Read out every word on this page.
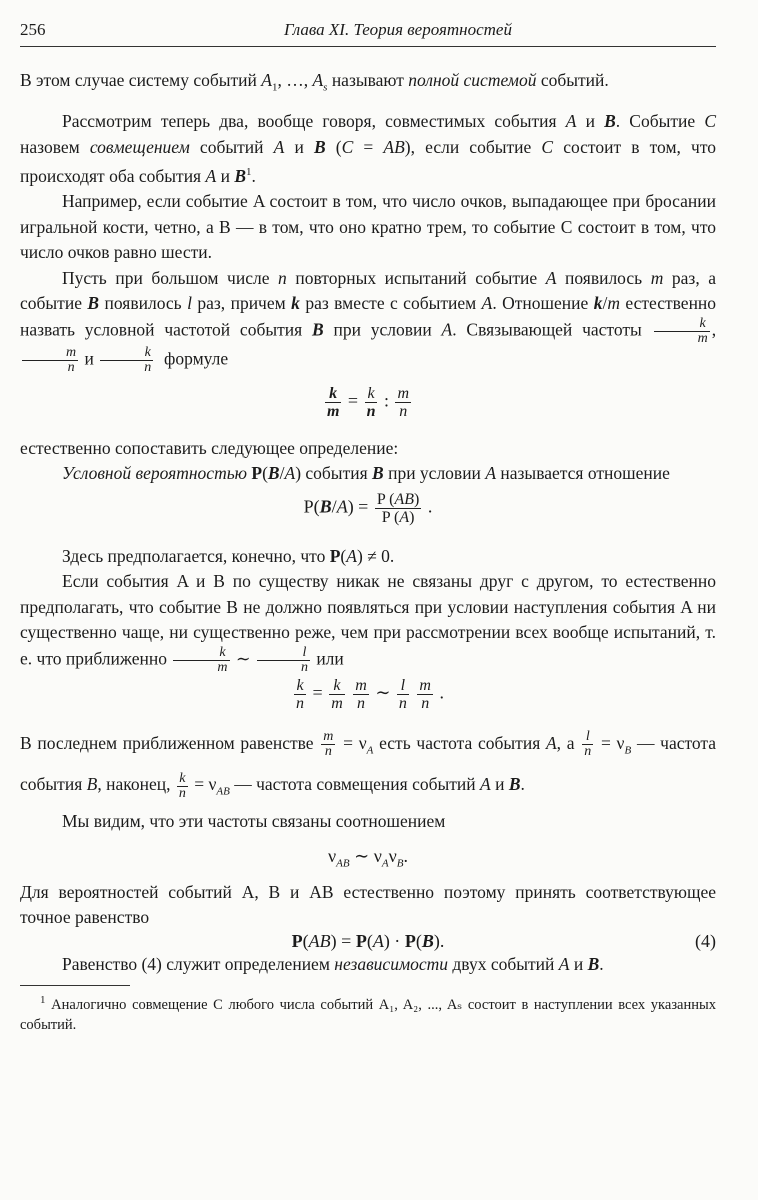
256	Глава XI. Теория вероятностей

В этом случае систему событий $A_1$, …, $A_s$ называют полной системой событий.

Рассмотрим теперь два, вообще говоря, совместимых события A и B. Событие C назовем совмещением событий A и B (C = AB), если событие C состоит в том, что происходят оба события A и $B^1$.

Например, если событие A состоит в том, что число очков, выпадающее при бросании игральной кости, четно, а B — в том, что оно кратно трем, то событие C состоит в том, что число очков равно шести.

Пусть при большом числе n повторных испытаний событие A появилось m раз, а событие B появилось l раз, причем k раз вместе с событием A. Отношение k/m естественно назвать условной частотой события B при условии A. Связывающей частоты $\frac{k}{m}$ ,
$\frac{m}{n}$ и $\frac{k}{n}$ формуле

$\frac{k}{m} = \frac{k}{n}$ : $\frac{m}{n}$

естественно сопоставить следующее определение:

Условной вероятностью P(B/A) события B при условии A называется отношение

$P(B/A) = \frac{P (AB)}{P (A)}$ .

Здесь предполагается, конечно, что P(A) ≠ 0.

Если события A и B по существу никак не связаны друг с другом, то естественно предполагать, что событие B не должно появляться при условии наступления события A ни существенно чаще, ни существенно реже, чем при рассмотрении всех вообще испытаний, т. е. что приближенно $\frac{k}{m}$ ∼ $\frac{l}{n}$ или

$\frac{k}{n} = \frac{k}{m}$
$\frac{m}{n}$ ∼ $\frac{l}{n}$
$\frac{m}{n}$ .

В последнем приближенном равенстве $\frac{m}{n} = \nu_A$ есть частота события A, а $\frac{l}{n} = \nu_B$ — частота события B, наконец, $\frac{k}{n} = \nu_{AB}$ — частота совмещения событий A и B.

Мы видим, что эти частоты связаны соотношением

$\nu_{AB}$ ∼ $\nu_A\nu_B$.

Для вероятностей событий A, B и AB естественно поэтому принять соответствующее точное равенство

P(AB) = P(A) · P(B).	(4)

Равенство (4) служит определением независимости двух событий A и B.

$^1$ Аналогично совмещение C любого числа событий A₁, A₂, ..., Aₛ состоит в наступлении всех указанных событий.
